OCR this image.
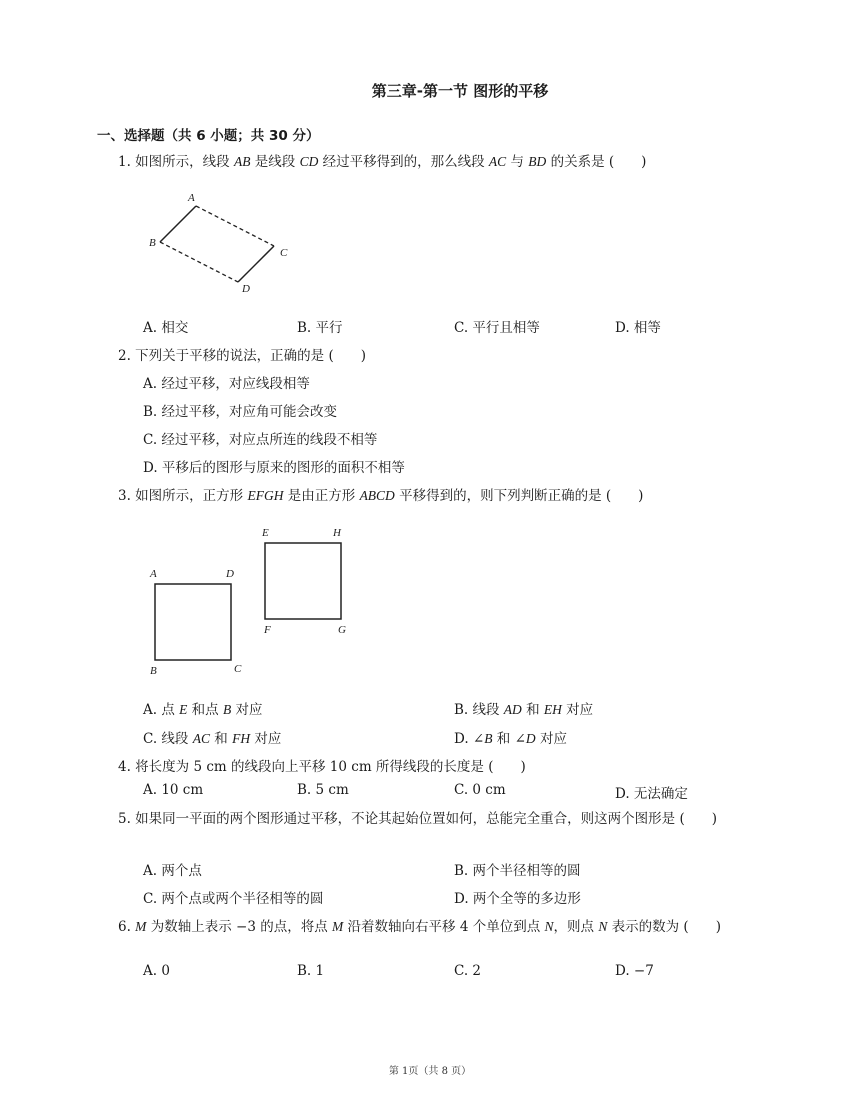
第三章-第一节 图形的平移
一、选择题（共 6 小题；共 30 分）
1. 如图所示，线段 AB 是线段 CD 经过平移得到的，那么线段 AC 与 BD 的关系是 (　　)
A
B
C
D
A. 相交	B. 平行	C. 平行且相等	D. 相等
2. 下列关于平移的说法，正确的是 (　　)
A. 经过平移，对应线段相等
B. 经过平移，对应角可能会改变
C. 经过平移，对应点所连的线段不相等
D. 平移后的图形与原来的图形的面积不相等
3. 如图所示，正方形 EFGH 是由正方形 ABCD 平移得到的，则下列判断正确的是 (　　)
A	D
B	C
E	H
F	G
A. 点 E 和点 B 对应	B. 线段 AD 和 EH 对应
C. 线段 AC 和 FH 对应	D. ∠B 和 ∠D 对应
4. 将长度为 5 cm 的线段向上平移 10 cm 所得线段的长度是 (　　)
A. 10 cm	B. 5 cm	C. 0 cm	D. 无法确定
5. 如果同一平面的两个图形通过平移，不论其起始位置如何，总能完全重合，则这两个图形是 (　　)
A. 两个点	B. 两个半径相等的圆
C. 两个点或两个半径相等的圆	D. 两个全等的多边形
6. M 为数轴上表示 −3 的点，将点 M 沿着数轴向右平移 4 个单位到点 N，则点 N 表示的数为 (　　)
A. 0	B. 1	C. 2	D. −7
第 1页（共 8 页）
